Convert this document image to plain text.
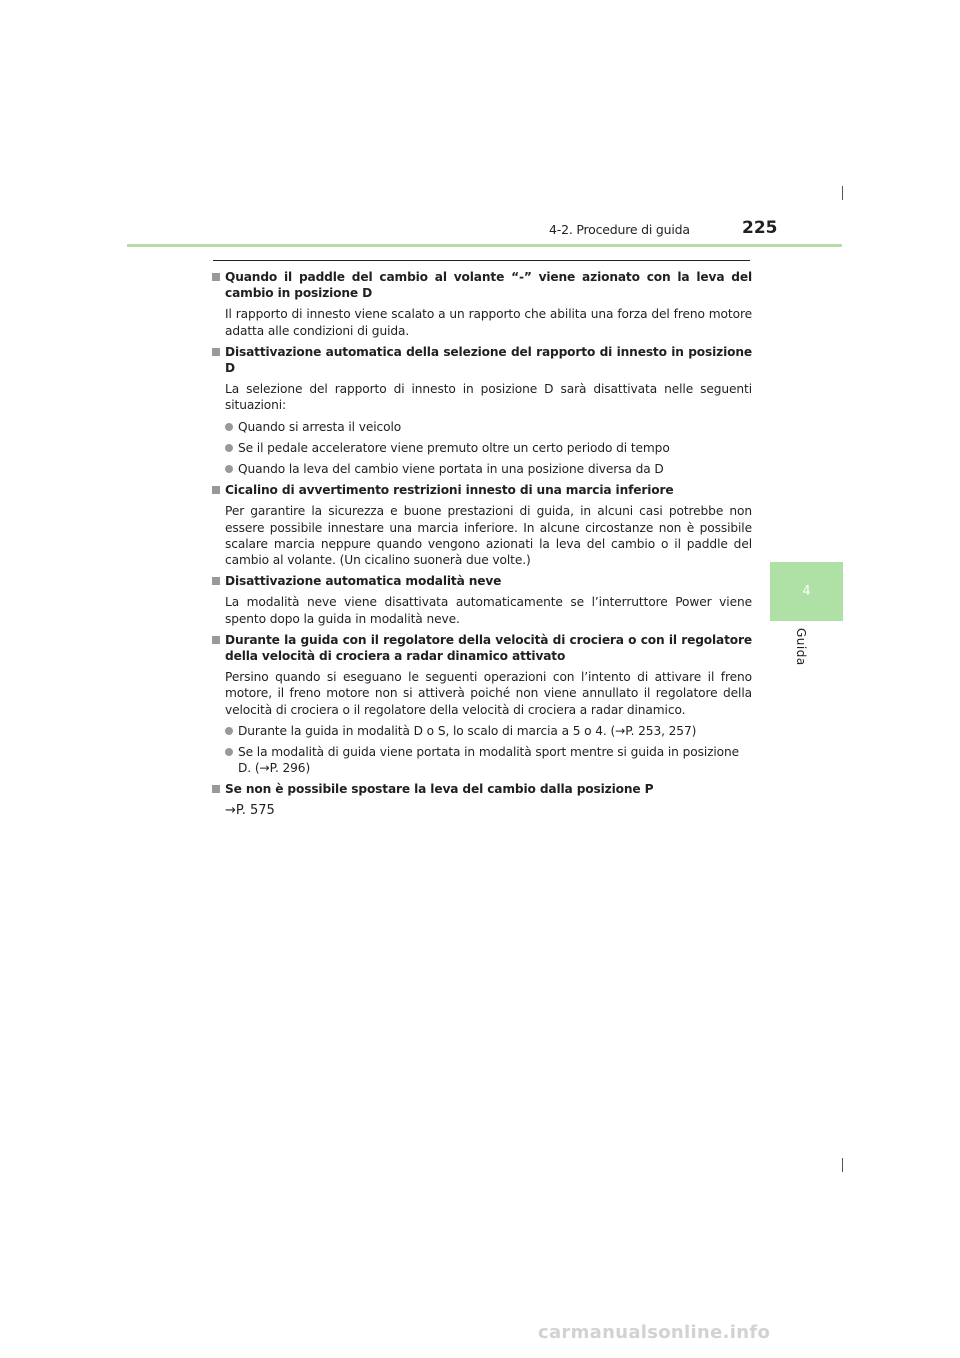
4-2. Procedure di guida	225
4
Guida
Quando il paddle del cambio al volante “-” viene azionato con la leva del cambio in posizione D
Il rapporto di innesto viene scalato a un rapporto che abilita una forza del freno motore adatta alle condizioni di guida.
Disattivazione automatica della selezione del rapporto di innesto in posizione D
La selezione del rapporto di innesto in posizione D sarà disattivata nelle seguenti situazioni:
Quando si arresta il veicolo
Se il pedale acceleratore viene premuto oltre un certo periodo di tempo
Quando la leva del cambio viene portata in una posizione diversa da D
Cicalino di avvertimento restrizioni innesto di una marcia inferiore
Per garantire la sicurezza e buone prestazioni di guida, in alcuni casi potrebbe non essere possibile innestare una marcia inferiore. In alcune circostanze non è possibile scalare marcia neppure quando vengono azionati la leva del cambio o il paddle del cambio al volante. (Un cicalino suonerà due volte.)
Disattivazione automatica modalità neve
La modalità neve viene disattivata automaticamente se l’interruttore Power viene spento dopo la guida in modalità neve.
Durante la guida con il regolatore della velocità di crociera o con il regolatore della velocità di crociera a radar dinamico attivato
Persino quando si eseguano le seguenti operazioni con l’intento di attivare il freno motore, il freno motore non si attiverà poiché non viene annullato il regolatore della velocità di crociera o il regolatore della velocità di crociera a radar dinamico.
Durante la guida in modalità D o S, lo scalo di marcia a 5 o 4. (→P. 253, 257)
Se la modalità di guida viene portata in modalità sport mentre si guida in posizione D. (→P. 296)
Se non è possibile spostare la leva del cambio dalla posizione P
→P. 575
carmanualsonline.info
